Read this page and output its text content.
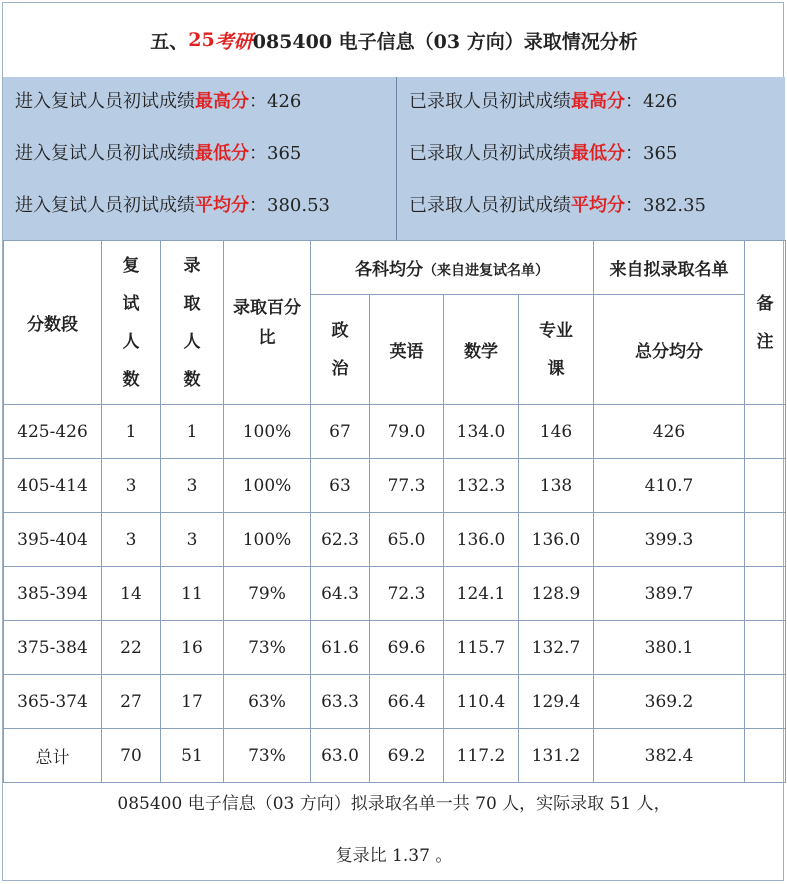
五、 25 考研 085400 电子信息（03 方向）录取情况分析
进入复试人员初试成绩最高分：426
进入复试人员初试成绩最低分：365
进入复试人员初试成绩平均分：380.53
已录取人员初试成绩最高分：426
已录取人员初试成绩最低分：365
已录取人员初试成绩平均分：382.35
分数段	复试人数	录取人数	录取百分比	各科均分（来自进复试名单）				来自拟录取名单	备注
				政治	英语	数学	专业课	总分均分	
425-426	1	1	100%	67	79.0	134.0	146	426	
405-414	3	3	100%	63	77.3	132.3	138	410.7	
395-404	3	3	100%	62.3	65.0	136.0	136.0	399.3	
385-394	14	11	79%	64.3	72.3	124.1	128.9	389.7	
375-384	22	16	73%	61.6	69.6	115.7	132.7	380.1	
365-374	27	17	63%	63.3	66.4	110.4	129.4	369.2	
总计	70	51	73%	63.0	69.2	117.2	131.2	382.4	
085400 电子信息（03 方向）拟录取名单一共 70 人，实际录取 51 人，
复录比 1.37 。
